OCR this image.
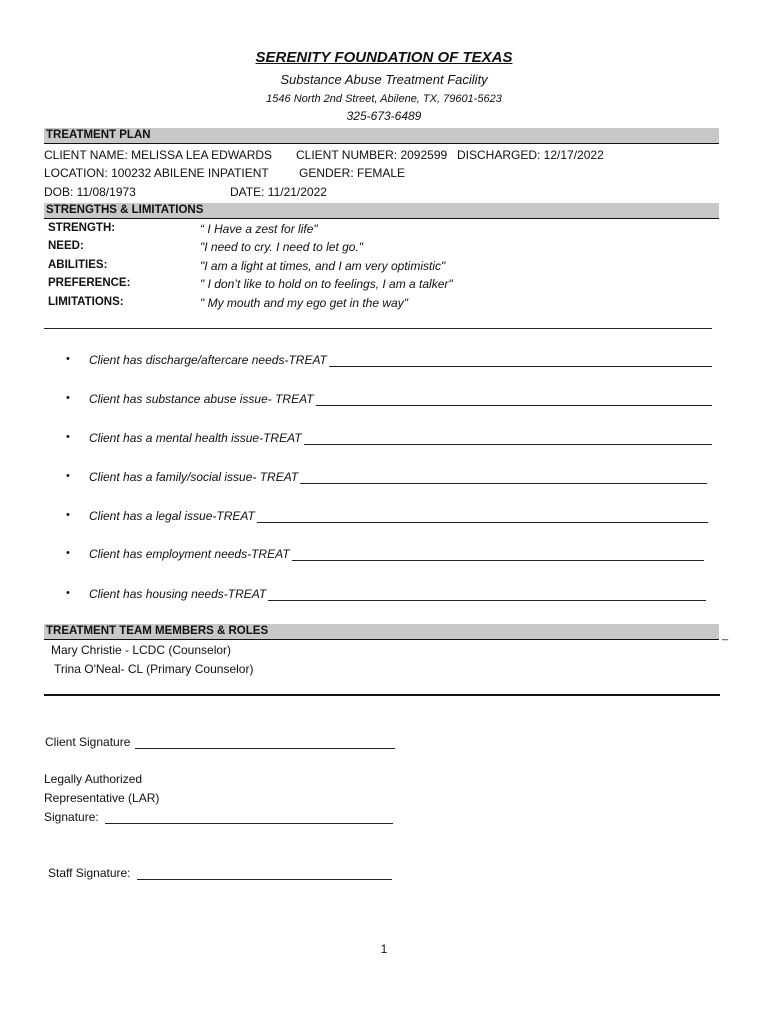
SERENITY FOUNDATION OF TEXAS
Substance Abuse Treatment Facility
1546 North 2nd Street, Abilene, TX, 79601-5623
325-673-6489
TREATMENT PLAN
CLIENT NAME: MELISSA LEA EDWARDS CLIENT NUMBER: 2092599 DISCHARGED: 12/17/2022
LOCATION: 100232 ABILENE INPATIENT	GENDER: FEMALE
DOB: 11/08/1973	DATE: 11/21/2022
STRENGTHS & LIMITATIONS
STRENGTH:	“ I Have a zest for life"
NEED:	"I need to cry. I need to let go."
ABILITIES:	"I am a light at times, and I am very optimistic"
PREFERENCE:	" I don’t like to hold on to feelings, I am a talker"
LIMITATIONS:	" My mouth and my ego get in the way"
• Client has discharge/aftercare needs-TREAT
• Client has substance abuse issue- TREAT
• Client has a mental health issue-TREAT
• Client has a family/social issue- TREAT
• Client has a legal issue-TREAT
• Client has employment needs-TREAT
• Client has housing needs-TREAT
TREATMENT TEAM MEMBERS & ROLES	_
Mary Christie - LCDC (Counselor)
Trina O'Neal- CL (Primary Counselor)
Client Signature
Legally Authorized
Representative (LAR)
Signature:
Staff Signature:
1
